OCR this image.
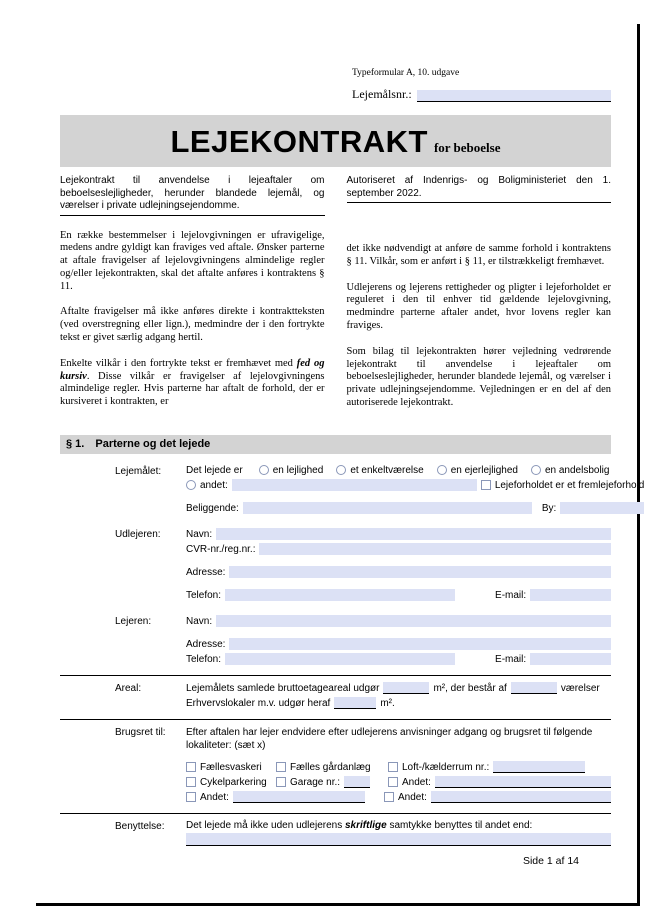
Typeformular A, 10. udgave
Lejemålsnr.:
LEJEKONTRAKT for beboelse

Lejekontrakt til anvendelse i lejeaftaler om beboelseslejligheder, herunder blandede lejemål, og værelser i private udlejningsejendomme.

En række bestemmelser i lejelovgivningen er ufravigelige, medens andre gyldigt kan fraviges ved aftale. Ønsker parterne at aftale fravigelser af lejelovgivningens almindelige regler og/eller lejekontrakten, skal det aftalte anføres i kontraktens § 11.

Aftalte fravigelser må ikke anføres direkte i kontraktteksten (ved overstregning eller lign.), medmindre der i den fortrykte tekst er givet særlig adgang hertil.

Enkelte vilkår i den fortrykte tekst er fremhævet med fed og kursiv. Disse vilkår er fravigelser af lejelovgivningens almindelige regler. Hvis parterne har aftalt de forhold, der er kursiveret i kontrakten, er

Autoriseret af Indenrigs- og Boligministeriet den 1. september 2022.

det ikke nødvendigt at anføre de samme forhold i kontraktens § 11. Vilkår, som er anført i § 11, er tilstrækkeligt fremhævet.

Udlejerens og lejerens rettigheder og pligter i lejeforholdet er reguleret i den til enhver tid gældende lejelovgivning, medmindre parterne aftaler andet, hvor lovens regler kan fraviges.

Som bilag til lejekontrakten hører vejledning vedrørende lejekontrakt til anvendelse i lejeaftaler om beboelseslejligheder, herunder blandede lejemål, og værelser i private udlejningsejendomme. Vejledningen er en del af den autoriserede lejekontrakt.

§ 1. Parterne og det lejede
Lejemålet:	Det lejede er	en lejlighed	et enkeltværelse	en ejerlejlighed	en andelsbolig
andet:	Lejeforholdet er et fremlejeforhold
Beliggende:	By:
Udlejeren:	Navn:
CVR-nr./reg.nr.:
Adresse:
Telefon:	E-mail:
Lejeren:	Navn:
Adresse:
Telefon:	E-mail:
Areal:	Lejemålets samlede bruttoetageareal udgør	m², der består af	værelser
Erhvervslokaler m.v. udgør heraf	m².
Brugsret til:	Efter aftalen har lejer endvidere efter udlejerens anvisninger adgang og brugsret til følgende lokaliteter: (sæt x)

Fællesvaskeri	Fælles gårdanlæg	Loft-/kælderrum nr.:
Cykelparkering Garage nr.:	Andet:
Andet:	Andet:
Benyttelse:	Det lejede må ikke uden udlejerens skriftlige samtykke benyttes til andet end:
Side 1 af 14
